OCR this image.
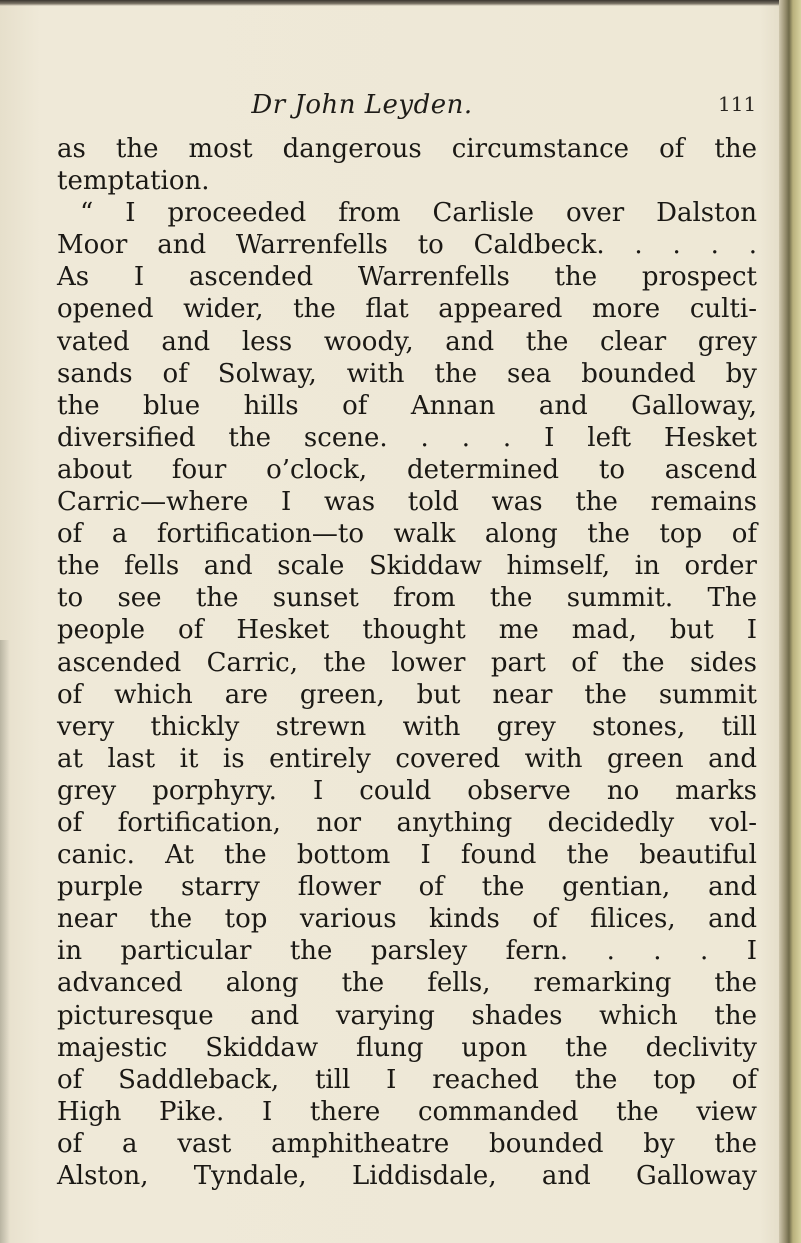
Dr John Leyden.	111
as the most dangerous circumstance of the
temptation.
“ I proceeded from Carlisle over Dalston
Moor and Warrenfells to Caldbeck. . . . .
As I ascended Warrenfells the prospect
opened wider, the flat appeared more culti-
vated and less woody, and the clear grey
sands of Solway, with the sea bounded by
the blue hills of Annan and Galloway,
diversified the scene. . . . I left Hesket
about four o’clock, determined to ascend
Carric—where I was told was the remains
of a fortification—to walk along the top of
the fells and scale Skiddaw himself, in order
to see the sunset from the summit. The
people of Hesket thought me mad, but I
ascended Carric, the lower part of the sides
of which are green, but near the summit
very thickly strewn with grey stones, till
at last it is entirely covered with green and
grey porphyry. I could observe no marks
of fortification, nor anything decidedly vol-
canic. At the bottom I found the beautiful
purple starry flower of the gentian, and
near the top various kinds of filices, and
in particular the parsley fern. . . . I
advanced along the fells, remarking the
picturesque and varying shades which the
majestic Skiddaw flung upon the declivity
of Saddleback, till I reached the top of
High Pike. I there commanded the view
of a vast amphitheatre bounded by the
Alston, Tyndale, Liddisdale, and Galloway
